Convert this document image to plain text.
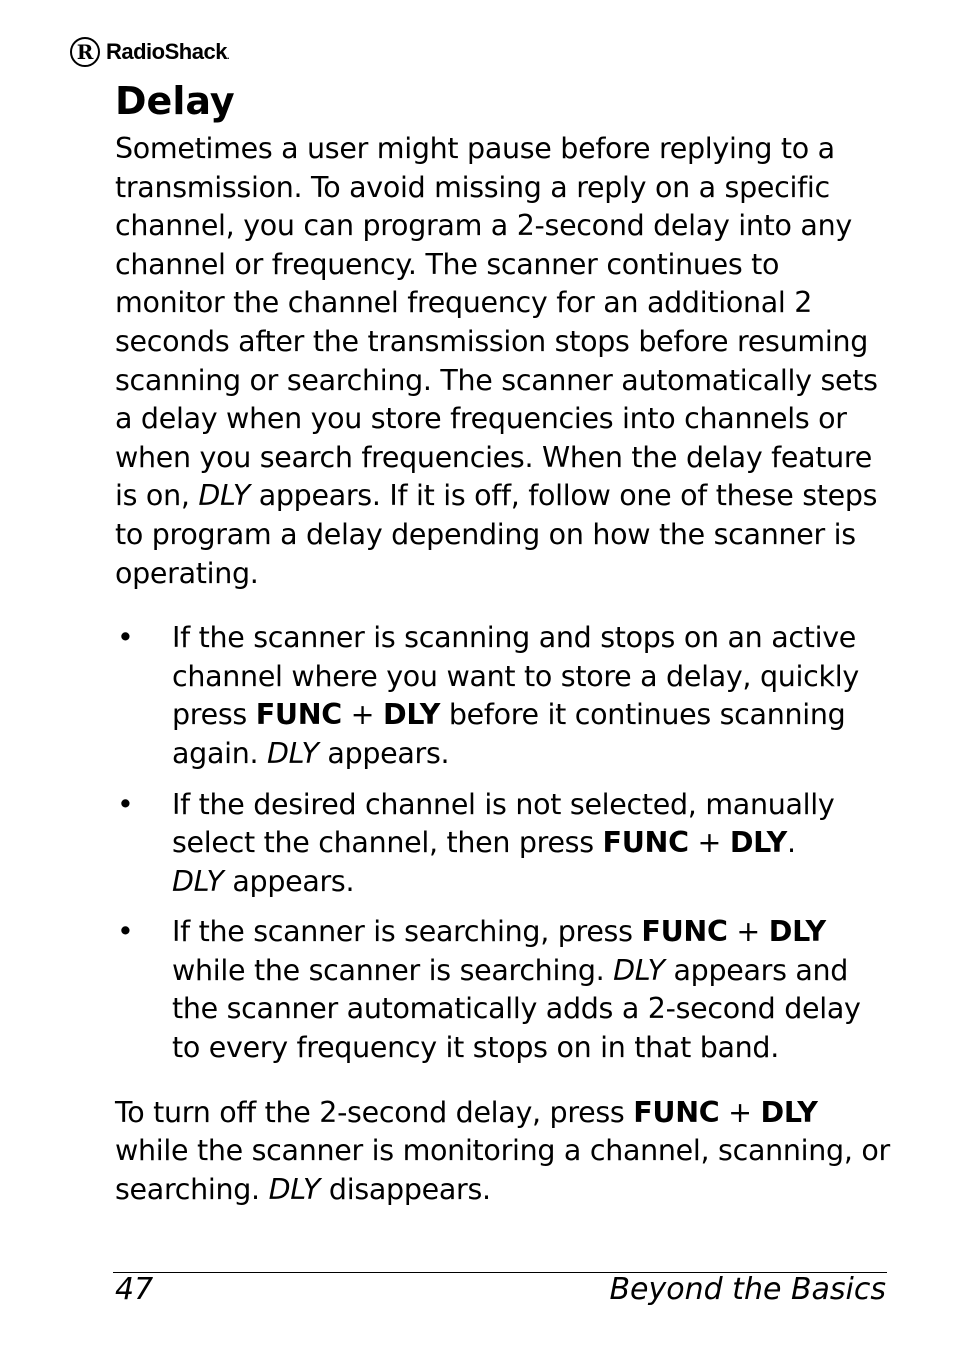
R RadioShack.
Delay

Sometimes a user might pause before replying to a transmission. To avoid missing a reply on a specific channel, you can program a 2-second delay into any channel or frequency. The scanner continues to monitor the channel frequency for an additional 2 seconds after the transmission stops before resuming scanning or searching. The scanner automatically sets a delay when you store frequencies into channels or when you search frequencies. When the delay feature is on, DLY appears. If it is off, follow one of these steps to program a delay depending on how the scanner is operating.

• If the scanner is scanning and stops on an active channel where you want to store a delay, quickly press FUNC + DLY before it continues scanning again. DLY appears.
• If the desired channel is not selected, manually select the channel, then press FUNC + DLY.
DLY appears.
• If the scanner is searching, press FUNC + DLY while the scanner is searching. DLY appears and the scanner automatically adds a 2-second delay to every frequency it stops on in that band.

To turn off the 2-second delay, press FUNC + DLY while the scanner is monitoring a channel, scanning, or searching. DLY disappears.

47	Beyond the Basics
